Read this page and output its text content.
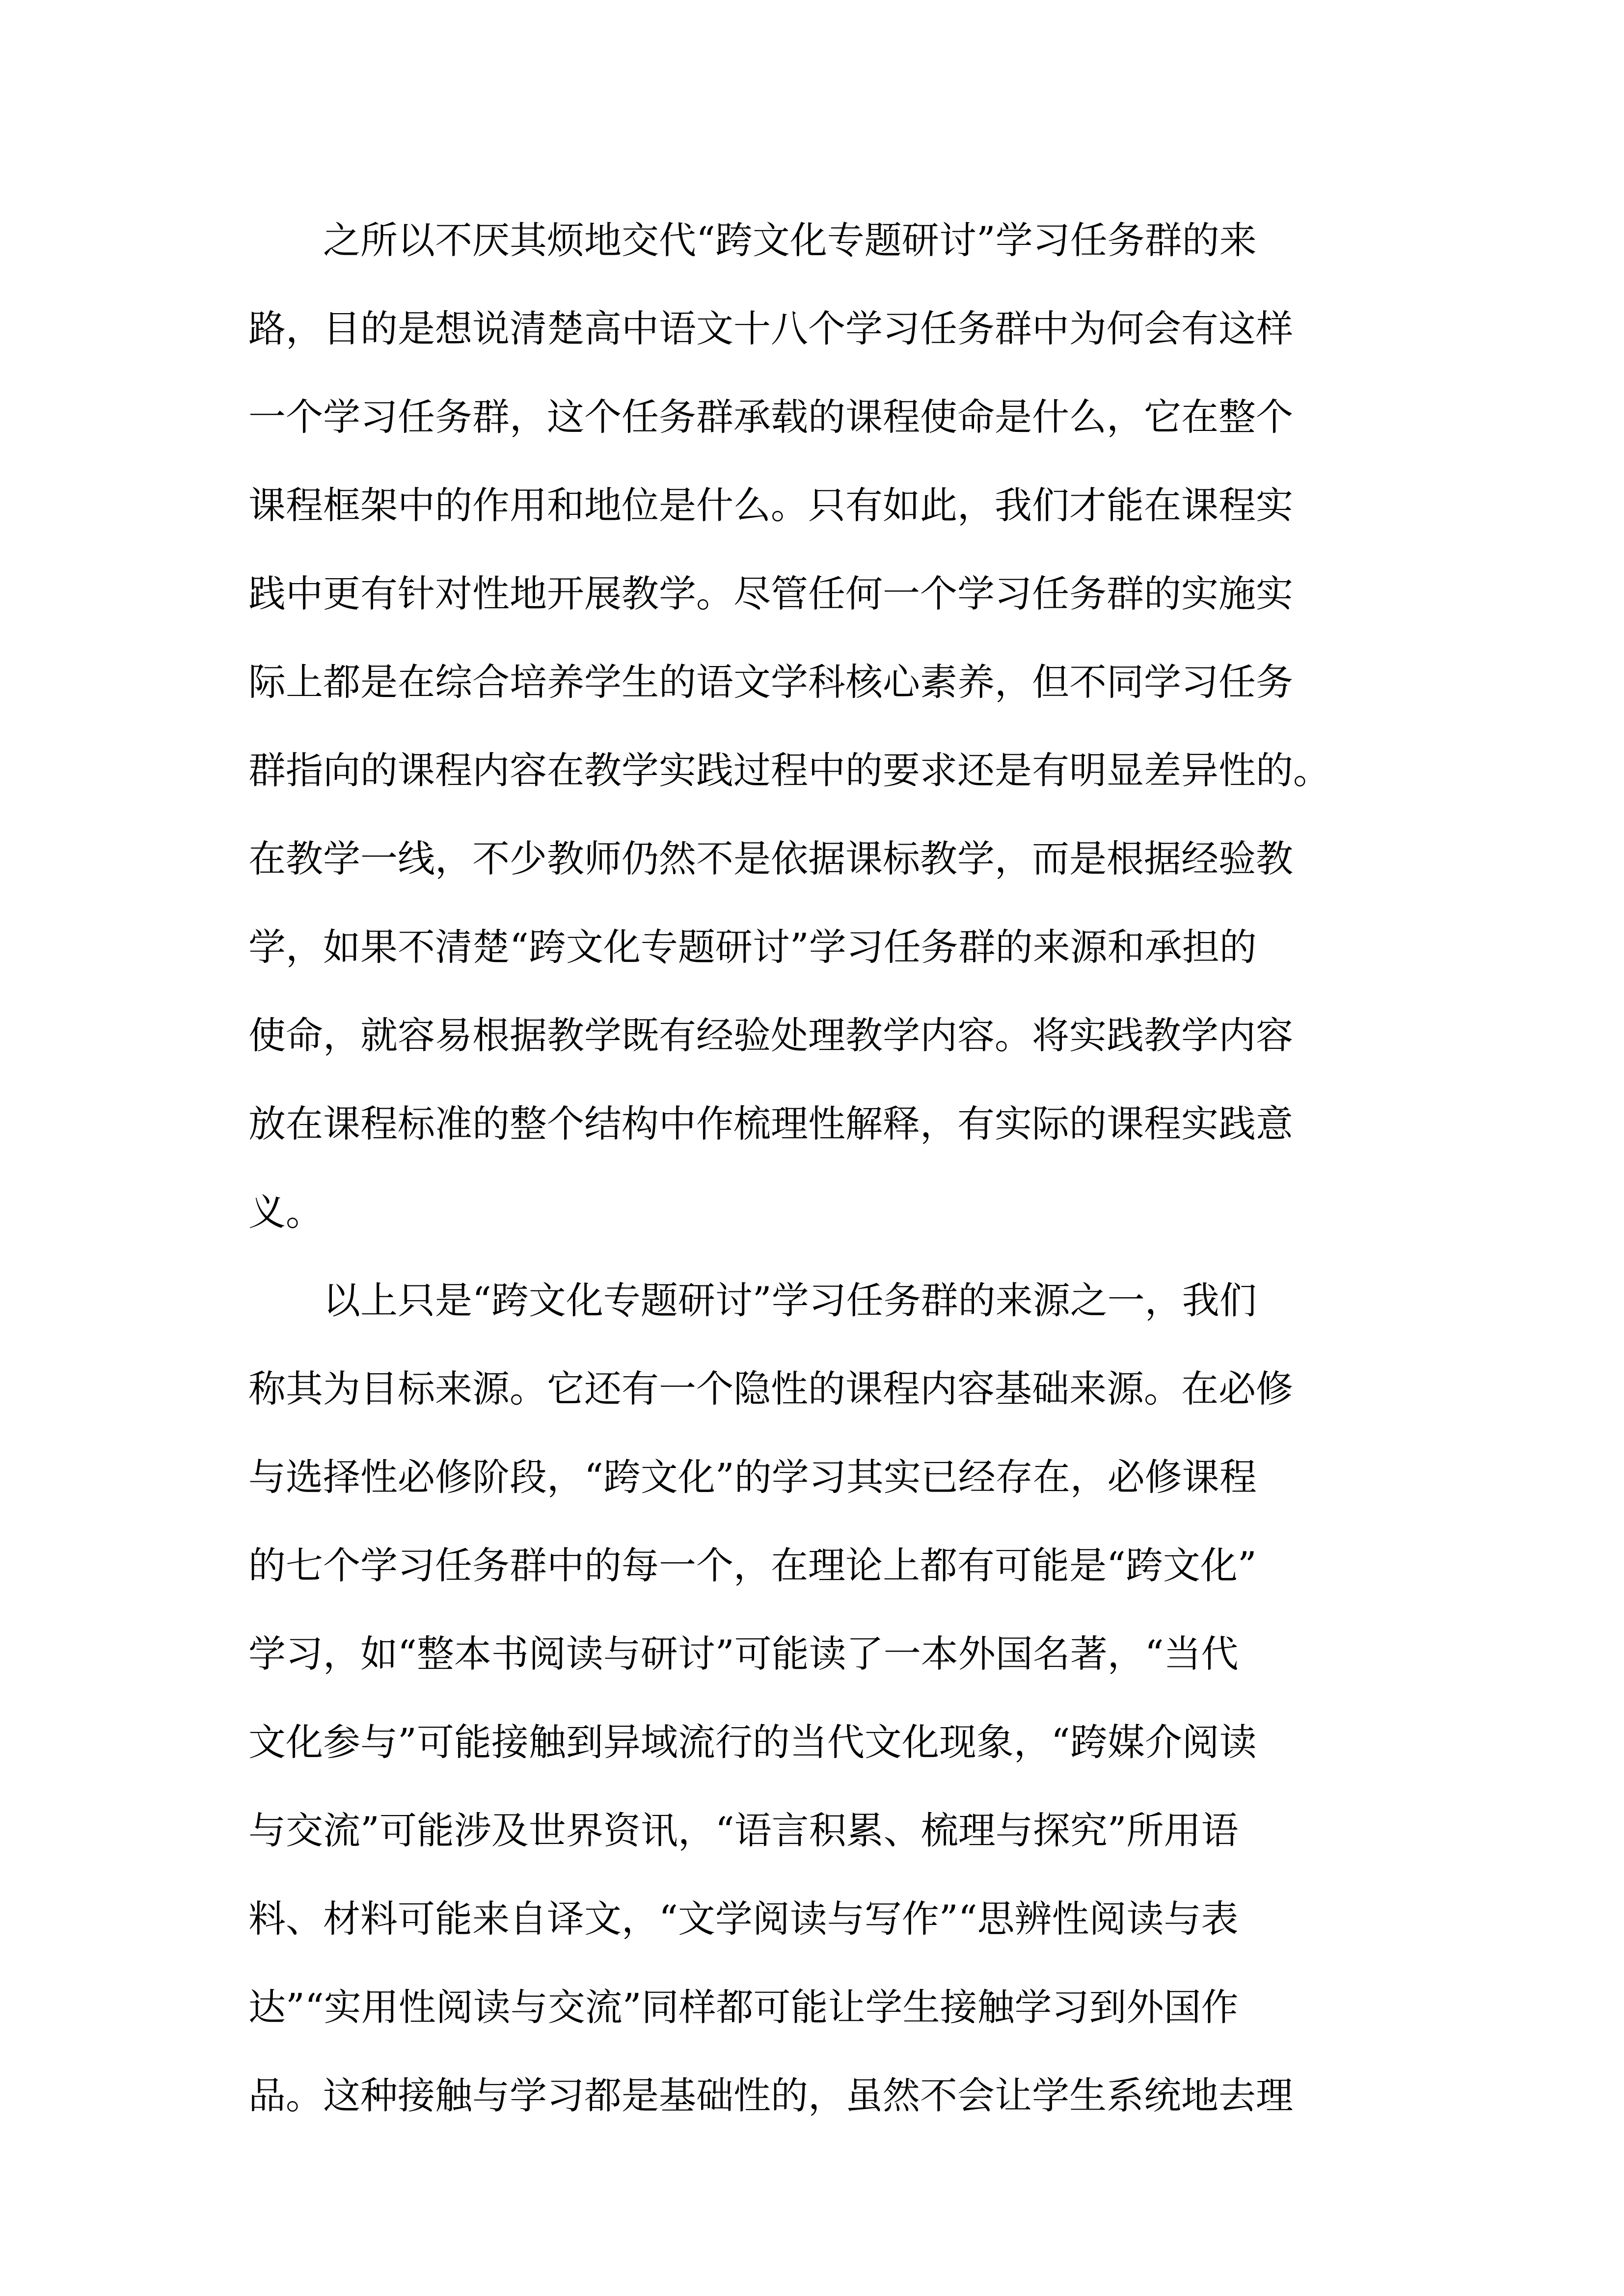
之所以不厌其烦地交代“跨文化专题研讨”学习任务群的来
路，目的是想说清楚高中语文十八个学习任务群中为何会有这样
一个学习任务群，这个任务群承载的课程使命是什么，它在整个
课程框架中的作用和地位是什么。只有如此，我们才能在课程实
践中更有针对性地开展教学。尽管任何一个学习任务群的实施实
际上都是在综合培养学生的语文学科核心素养，但不同学习任务
群指向的课程内容在教学实践过程中的要求还是有明显差异性的。
在教学一线，不少教师仍然不是依据课标教学，而是根据经验教
学，如果不清楚“跨文化专题研讨”学习任务群的来源和承担的
使命，就容易根据教学既有经验处理教学内容。将实践教学内容
放在课程标准的整个结构中作梳理性解释，有实际的课程实践意
义。
以上只是“跨文化专题研讨”学习任务群的来源之一，我们
称其为目标来源。它还有一个隐性的课程内容基础来源。在必修
与选择性必修阶段，“跨文化”的学习其实已经存在，必修课程
的七个学习任务群中的每一个，在理论上都有可能是“跨文化”
学习，如“整本书阅读与研讨”可能读了一本外国名著，“当代
文化参与”可能接触到异域流行的当代文化现象，“跨媒介阅读
与交流”可能涉及世界资讯，“语言积累、梳理与探究”所用语
料、材料可能来自译文，“文学阅读与写作”“思辨性阅读与表
达”“实用性阅读与交流”同样都可能让学生接触学习到外国作
品。这种接触与学习都是基础性的，虽然不会让学生系统地去理
